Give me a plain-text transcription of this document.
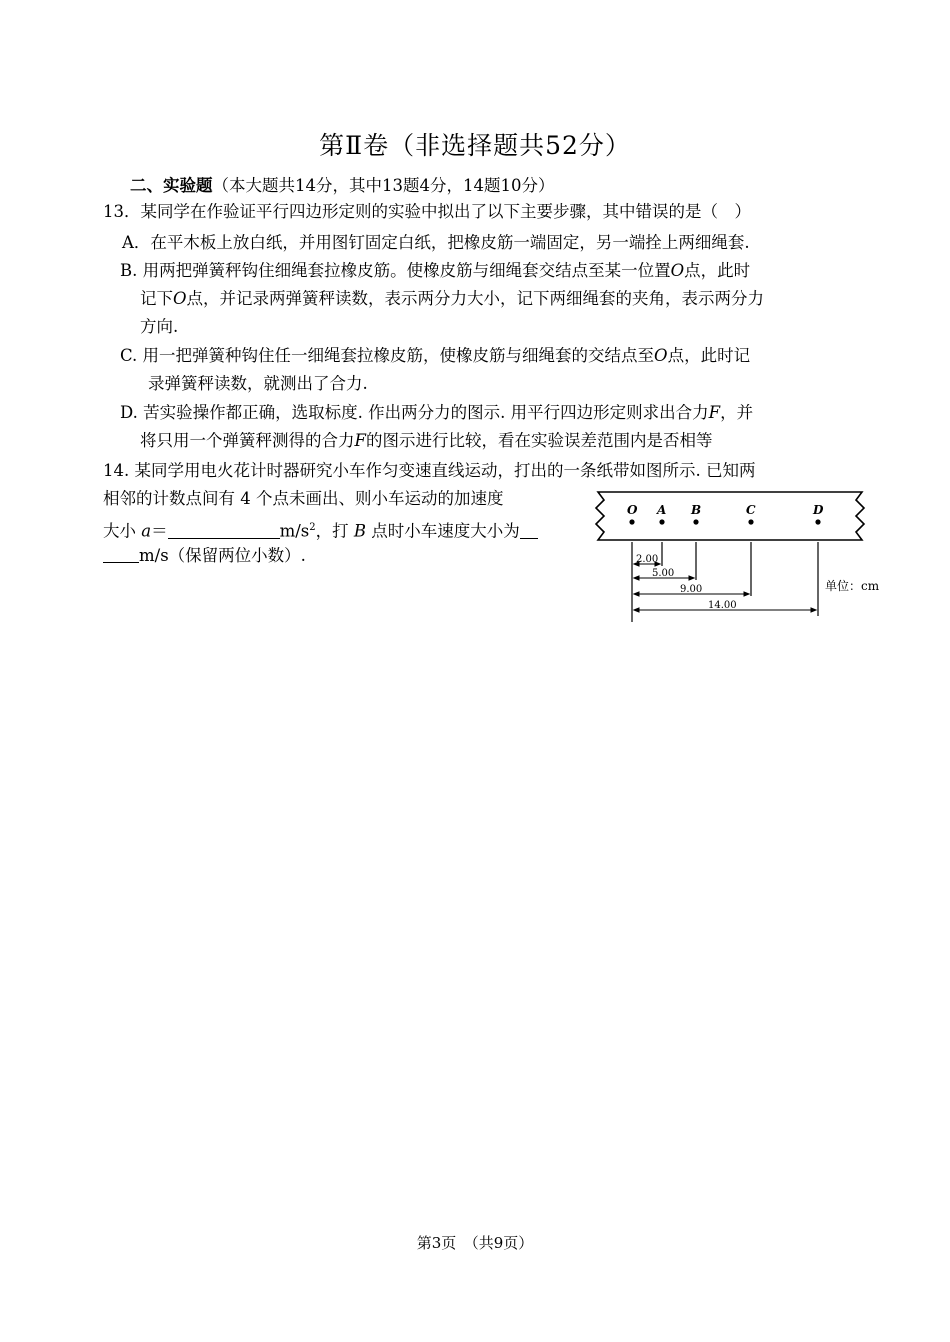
第Ⅱ卷（非选择题共52分）
二、实验题（本大题共14分，其中13题4分，14题10分）
13．某同学在作验证平行四边形定则的实验中拟出了以下主要步骤，其中错误的是（　）
A．在平木板上放白纸，并用图钉固定白纸，把橡皮筋一端固定，另一端拴上两细绳套.
B. 用两把弹簧秤钩住细绳套拉橡皮筋。使橡皮筋与细绳套交结点至某一位置O点，此时
记下O点，并记录两弹簧秤读数，表示两分力大小，记下两细绳套的夹角，表示两分力
方向.
C. 用一把弹簧种钩住任一细绳套拉橡皮筋，使橡皮筋与细绳套的交结点至O点，此时记
录弹簧秤读数，就测出了合力.
D. 苦实验操作都正确，选取标度. 作出两分力的图示. 用平行四边形定则求出合力F，并
将只用一个弹簧秤测得的合力F的图示进行比较，看在实验误差范围内是否相等
14. 某同学用电火花计时器研究小车作匀变速直线运动，打出的一条纸带如图所示. 已知两
相邻的计数点间有 4 个点未画出、则小车运动的加速度
大小 a＝	$m/s^2$，打 B 点时小车速度大小为
m/s（保留两位小数）.
O A B	C	D
2.00
5.00
9.00
14.00
单位：cm
第3页　（共9页）
